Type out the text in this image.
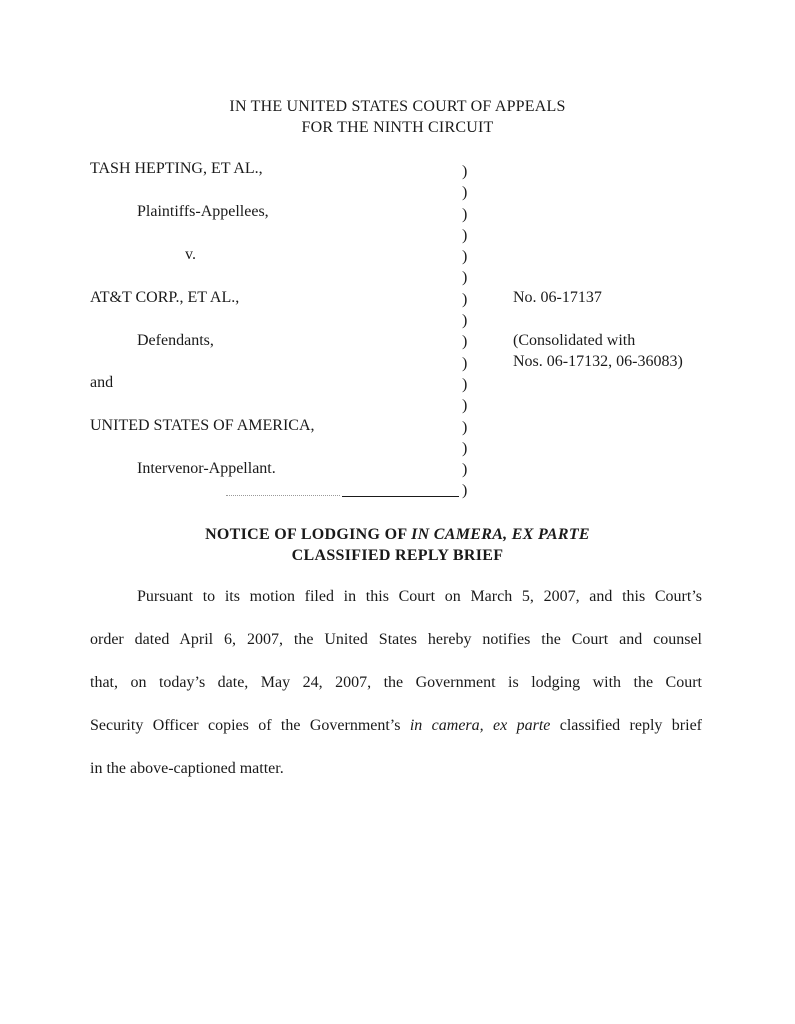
IN THE UNITED STATES COURT OF APPEALS
FOR THE NINTH CIRCUIT
TASH HEPTING, ET AL.,
Plaintiffs-Appellees,
v.
AT&T CORP., ET AL.,
Defendants,
and
UNITED STATES OF AMERICA,
Intervenor-Appellant.
)
)
)
)
)
)
)
)
)
)
)
)
)
)
)
)
No. 06-17137
(Consolidated with
Nos. 06-17132, 06-36083)
NOTICE OF LODGING OF IN CAMERA, EX PARTE
CLASSIFIED REPLY BRIEF
Pursuant to its motion filed in this Court on March 5, 2007, and this Court’s
order dated April 6, 2007, the United States hereby notifies the Court and counsel
that, on today’s date, May 24, 2007, the Government is lodging with the Court
Security Officer copies of the Government’s in camera, ex parte classified reply brief
in the above-captioned matter.
